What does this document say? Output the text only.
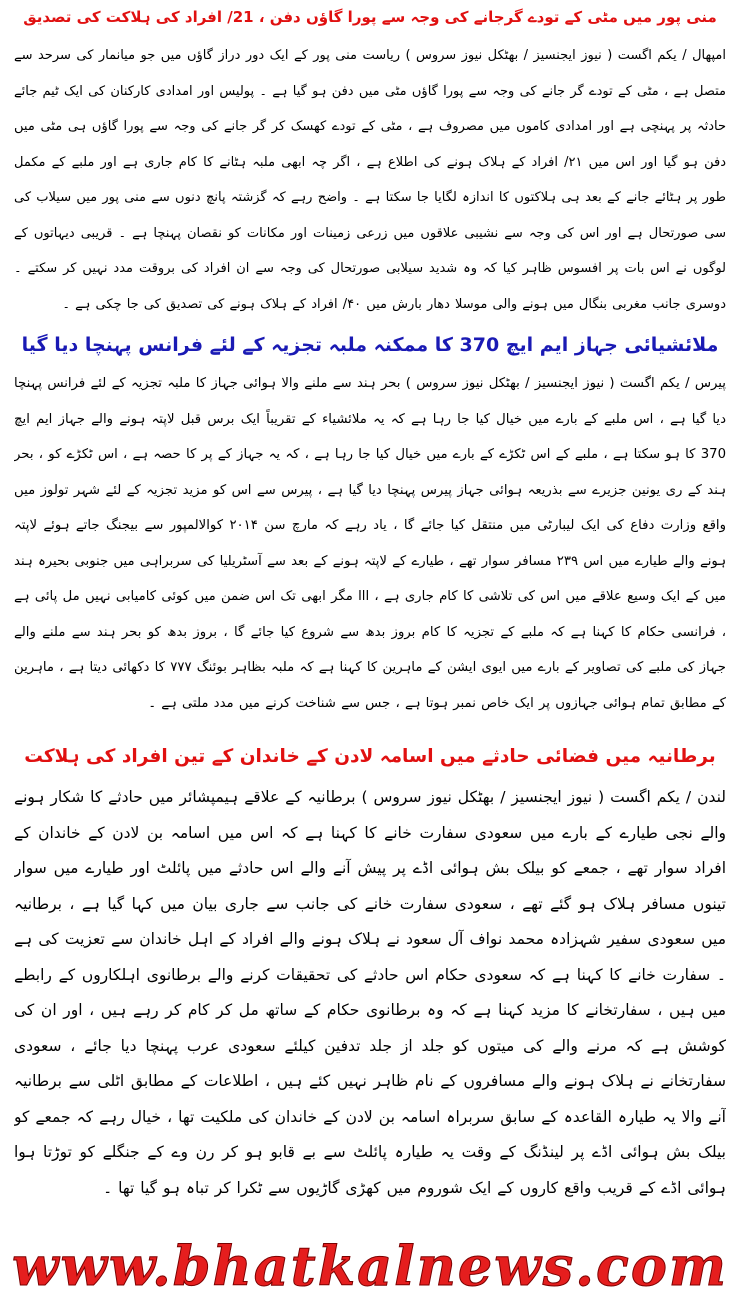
منی پور میں مٹی کے تودے گرجانے کی وجہ سے پورا گاؤں دفن ، 21/ افراد کی ہلاکت کی تصدیق

امپھال / یکم اگست ( نیوز ایجنسیز / بھٹکل نیوز سروس ) ریاست منی پور کے ایک دور دراز گاؤں میں جو میانمار کی سرحد سے متصل ہے ، مٹی کے تودے گر جانے کی وجہ سے پورا گاؤں مٹی میں دفن ہو گیا ہے ۔ پولیس اور امدادی کارکنان کی ایک ٹیم جائے حادثہ پر پہنچی ہے اور امدادی کاموں میں مصروف ہے ، مٹی کے تودے کھسک کر گر جانے کی وجہ سے پورا گاؤں ہی مٹی میں دفن ہو گیا اور اس میں ۲۱/ افراد کے ہلاک ہونے کی اطلاع ہے ، اگر چہ ابھی ملبہ ہٹانے کا کام جاری ہے اور ملبے کے مکمل طور پر ہٹائے جانے کے بعد ہی ہلاکتوں کا اندازہ لگایا جا سکتا ہے ۔ واضح رہے کہ گزشتہ پانچ دنوں سے منی پور میں سیلاب کی سی صورتحال ہے اور اس کی وجہ سے نشیبی علاقوں میں زرعی زمینات اور مکانات کو نقصان پہنچا ہے ۔ قریبی دیہاتوں کے لوگوں نے اس بات پر افسوس ظاہر کیا کہ وہ شدید سیلابی صورتحال کی وجہ سے ان افراد کی بروقت مدد نہیں کر سکتے ۔ دوسری جانب مغربی بنگال میں ہونے والی موسلا دھار بارش میں ۴۰/ افراد کے ہلاک ہونے کی تصدیق کی جا چکی ہے ۔

ملائشیائی جہاز ایم ایچ 370 کا ممکنہ ملبہ تجزیہ کے لئے فرانس پہنچا دیا گیا

پیرس / یکم اگست ( نیوز ایجنسیز / بھٹکل نیوز سروس ) بحر ہند سے ملنے والا ہوائی جہاز کا ملبہ تجزیہ کے لئے فرانس پہنچا دیا گیا ہے ، اس ملبے کے بارے میں خیال کیا جا رہا ہے کہ یہ ملائشیاء کے تقریباً ایک برس قبل لاپتہ ہونے والے جہاز ایم ایچ 370 کا ہو سکتا ہے ، ملبے کے اس ٹکڑے کے بارے میں خیال کیا جا رہا ہے ، کہ یہ جہاز کے پر کا حصہ ہے ، اس ٹکڑے کو ، بحر ہند کے ری یونین جزیرے سے بذریعہ ہوائی جہاز پیرس پہنچا دیا گیا ہے ، پیرس سے اس کو مزید تجزیہ کے لئے شہر تولوز میں واقع وزارت دفاع کی ایک لیبارٹی میں منتقل کیا جائے گا ، یاد رہے کہ مارچ سن ۲۰۱۴ کوالالمپور سے بیجنگ جاتے ہوئے لاپتہ ہونے والے طیارے میں اس ۲۳۹ مسافر سوار تھے ، طیارے کے لاپتہ ہونے کے بعد سے آسٹریلیا کی سربراہی میں جنوبی بحیرہ ہند میں کے ایک وسیع علاقے میں اس کی تلاشی کا کام جاری ہے ، ااا مگر ابھی تک اس ضمن میں کوئی کامیابی نہیں مل پائی ہے ، فرانسی حکام کا کہنا ہے کہ ملبے کے تجزیہ کا کام بروز بدھ سے شروع کیا جائے گا ، بروز بدھ کو بحر ہند سے ملنے والے جہاز کی ملبے کی تصاویر کے بارے میں ایوی ایشن کے ماہرین کا کہنا ہے کہ ملبہ بظاہر بوئنگ ۷۷۷ کا دکھائی دیتا ہے ، ماہرین کے مطابق تمام ہوائی جہازوں پر ایک خاص نمبر ہوتا ہے ، جس سے شناخت کرنے میں مدد ملتی ہے ۔

برطانیہ میں فضائی حادثے میں اسامہ لادن کے خاندان کے تین افراد کی ہلاکت

لندن / یکم اگست ( نیوز ایجنسیز / بھٹکل نیوز سروس ) برطانیہ کے علاقے ہیمپشائر میں حادثے کا شکار ہونے والے نجی طیارے کے بارے میں سعودی سفارت خانے کا کہنا ہے کہ اس میں اسامہ بن لادن کے خاندان کے افراد سوار تھے ، جمعے کو بیلک بش ہوائی اڈے پر پیش آنے والے اس حادثے میں پائلٹ اور طیارے میں سوار تینوں مسافر ہلاک ہو گئے تھے ، سعودی سفارت خانے کی جانب سے جاری بیان میں کہا گیا ہے ، برطانیہ میں سعودی سفیر شہزادہ محمد نواف آل سعود نے ہلاک ہونے والے افراد کے اہل خاندان سے تعزیت کی ہے ۔ سفارت خانے کا کہنا ہے کہ سعودی حکام اس حادثے کی تحقیقات کرنے والے برطانوی اہلکاروں کے رابطے میں ہیں ، سفارتخانے کا مزید کہنا ہے کہ وہ برطانوی حکام کے ساتھ مل کر کام کر رہے ہیں ، اور ان کی کوشش ہے کہ مرنے والے کی میتوں کو جلد از جلد تدفین کیلئے سعودی عرب پہنچا دیا جائے ، سعودی سفارتخانے نے ہلاک ہونے والے مسافروں کے نام ظاہر نہیں کئے ہیں ، اطلاعات کے مطابق اٹلی سے برطانیہ آنے والا یہ طیارہ القاعدہ کے سابق سربراہ اسامہ بن لادن کے خاندان کی ملکیت تھا ، خیال رہے کہ جمعے کو بیلک بش ہوائی اڈے پر لینڈنگ کے وقت یہ طیارہ پائلٹ سے بے قابو ہو کر رن وے کے جنگلے کو توڑتا ہوا ہوائی اڈے کے قریب واقع کاروں کے ایک شوروم میں کھڑی گاڑیوں سے ٹکرا کر تباہ ہو گیا تھا ۔

www.bhatkalnews.com
